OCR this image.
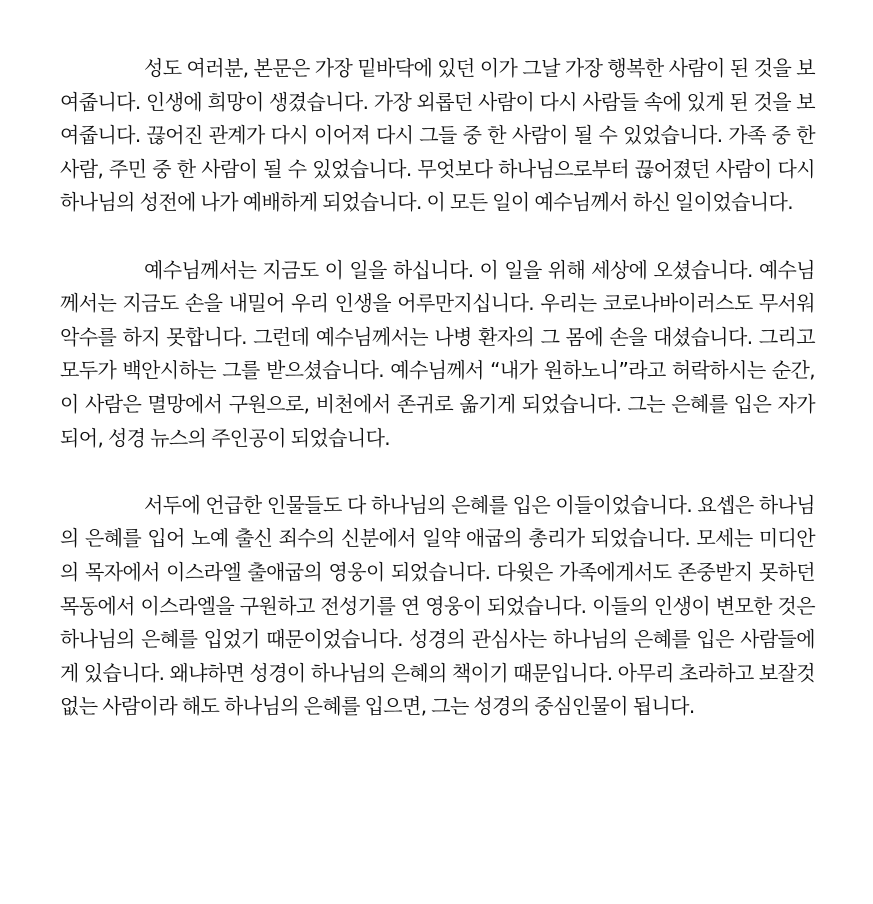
성도 여러분, 본문은 가장 밑바닥에 있던 이가 그날 가장 행복한 사람이 된 것을 보여줍니다. 인생에 희망이 생겼습니다. 가장 외롭던 사람이 다시 사람들 속에 있게 된 것을 보여줍니다. 끊어진 관계가 다시 이어져 다시 그들 중 한 사람이 될 수 있었습니다. 가족 중 한 사람, 주민 중 한 사람이 될 수 있었습니다. 무엇보다 하나님으로부터 끊어졌던 사람이 다시 하나님의 성전에 나가 예배하게 되었습니다. 이 모든 일이 예수님께서 하신 일이었습니다.

예수님께서는 지금도 이 일을 하십니다. 이 일을 위해 세상에 오셨습니다. 예수님께서는 지금도 손을 내밀어 우리 인생을 어루만지십니다. 우리는 코로나바이러스도 무서워 악수를 하지 못합니다. 그런데 예수님께서는 나병 환자의 그 몸에 손을 대셨습니다. 그리고 모두가 백안시하는 그를 받으셨습니다. 예수님께서 “내가 원하노니”라고 허락하시는 순간, 이 사람은 멸망에서 구원으로, 비천에서 존귀로 옮기게 되었습니다. 그는 은혜를 입은 자가 되어, 성경 뉴스의 주인공이 되었습니다.

서두에 언급한 인물들도 다 하나님의 은혜를 입은 이들이었습니다. 요셉은 하나님의 은혜를 입어 노예 출신 죄수의 신분에서 일약 애굽의 총리가 되었습니다. 모세는 미디안의 목자에서 이스라엘 출애굽의 영웅이 되었습니다. 다윗은 가족에게서도 존중받지 못하던 목동에서 이스라엘을 구원하고 전성기를 연 영웅이 되었습니다. 이들의 인생이 변모한 것은 하나님의 은혜를 입었기 때문이었습니다. 성경의 관심사는 하나님의 은혜를 입은 사람들에게 있습니다. 왜냐하면 성경이 하나님의 은혜의 책이기 때문입니다. 아무리 초라하고 보잘것없는 사람이라 해도 하나님의 은혜를 입으면, 그는 성경의 중심인물이 됩니다.
